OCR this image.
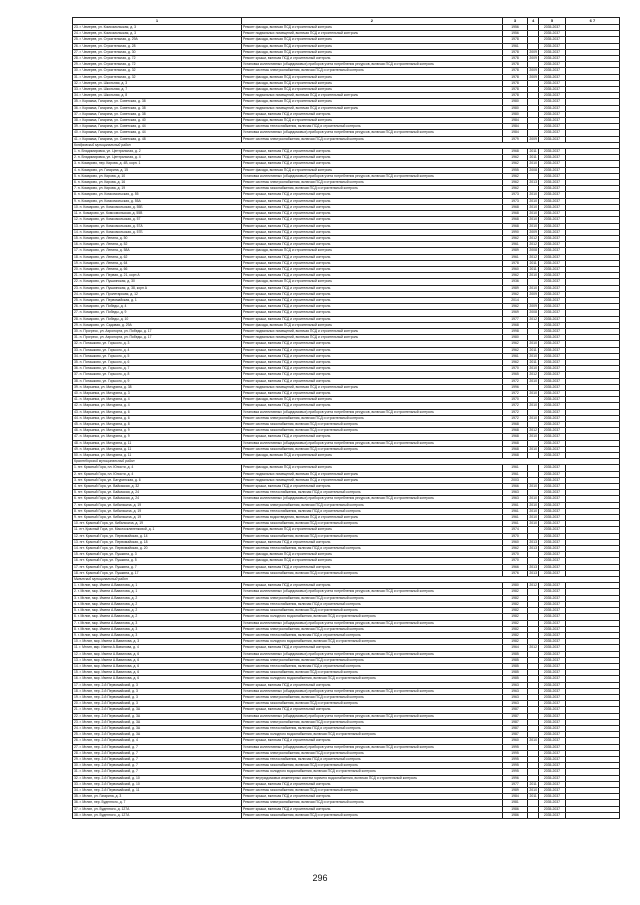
1	2	3	4	5	6 7
23. г. Чемерев, ул. Комсомольская, д. 3	Ремонт фасада, включая ПСД и строительный контроль	1956		2035-2037	
24. г. Чемерев, ул. Комсомольская, д. 3	Ремонт подвальных помещений, включая ПСД и строительный контроль	1956		2035-2037	
25. г. Чемерев, ул. Строительная, д. 29А	Ремонт фасада, включая ПСД и строительный контроль	1978		2035-2037	
26. г. Чемерев, ул. Строительная, д. 28	Ремонт фасада, включая ПСД и строительный контроль	1961		2035-2037	
27. г. Чемерев, ул. Строительная, д. 30	Ремонт фасада, включая ПСД и строительный контроль	1978	2009	2035-2037	
28. г. Чемерев, ул. Строительная, д. 72	Ремонт крыши, включая ПСД и строительный контроль	1978	2009	2035-2037	
29. г. Чемерев, ул. Строительная, д. 72	Установка коллективных (общедомовых) приборов учета потребления ресурсов, включая ПСД и строительный контроль	1978		2035-2037	
30. г. Чемерев, ул. Строительная, д. 32	Ремонт системы электроснабжения, включая ПСД и строительный контроль	1978	2009	2035-2037	
31. г. Чемерев, ул. Строительная, д. 32	Ремонт фасада, включая ПСД и строительный контроль	1978	2009	2035-2037	
32. г. Чемерев, ул. Школьная, д. 3	Ремонт фасада, включая ПСД и строительный контроль	1978		2035-2037	
33. г. Чемерев, ул. Школьная, д. 7	Ремонт фасада, включая ПСД и строительный контроль	1978		2035-2037	
34. г. Чемерев, ул. Школьная, д. 8	Ремонт подвальных помещений, включая ПСД и строительный контроль	1978		2035-2037	
35. г. Коряжма, Гагарина, ул. Советская, д. 38	Ремонт фасада, включая ПСД и строительный контроль	1980		2035-2037	
36. г. Коряжма, Гагарина, ул. Советская, д. 38	Ремонт подвальных помещений, включая ПСД и строительный контроль	1980		2035-2037	
37. г. Коряжма, Гагарина, ул. Советская, д. 38	Ремонт крыши, включая ПСД и строительный контроль	1980		2035-2037	
38. г. Коряжма, Гагарина, ул. Советская, д. 40	Ремонт фасада, включая ПСД и строительный контроль	1984		2035-2037	
39. г. Коряжма, Гагарина, ул. Советская, д. 44	Ремонт системы теплоснабжения, включая ПСД и строительный контроль	1984		2035-2037	
40. г. Коряжма, Гагарина, ул. Советская, д. 44	Установка коллективных (общедомовых) приборов учета потребления ресурсов, включая ПСД и строительный контроль	1984		2035-2037	
41. г. Коряжма, Гагарина, ул. Советская, д. 48	Ремонт системы электроснабжения, включая ПСД и строительный контроль	1979	2009	2035-2037	
Кондровский муниципальный район					
1. п. Владимировка, ул. Центральная, д. 2	Ремонт крыши, включая ПСД и строительный контроль	1968	2011	2035-2037	
2. п. Владимировка, ул. Центральная, д. 4	Ремонт крыши, включая ПСД и строительный контроль	1962	2011	2035-2037	
3. п. Комарово, пер. Кирова, д. 4В, корп. 1	Ремонт крыши, включая ПСД и строительный контроль	1962	2010	2035-2037	
4. п. Комарово, ул. Гагарина, д. 15	Ремонт фасада, включая ПСД и строительный контроль	1955	2008	2035-2037	
5. п. Комарово, ул. Кирова, д. 10	Установка коллективных (общедомовых) приборов учета потребления ресурсов, включая ПСД и строительный контроль	1962		2035-2037	
6. п. Комарово, ул. Кирова, д. 16	Ремонт системы электроснабжения, включая ПСД и строительный контроль	1962	2013	2035-2037	
7. п. Комарово, ул. Кирова, д. 19	Ремонт системы газоснабжения, включая ПСД и строительный контроль	1962		2035-2037	
8. п. Комарово, ул. Комсомольская, д. 55	Ремонт крыши, включая ПСД и строительный контроль	1973	2010	2035-2037	
9. п. Комарово, ул. Комсомольская, д. 55А	Ремонт крыши, включая ПСД и строительный контроль	1973	2010	2035-2037	
10. п. Комарово, ул. Комсомольская, д. 55Б	Ремонт крыши, включая ПСД и строительный контроль	1968	2010	2035-2037	
11. п. Комарово, ул. Комсомольская, д. 55В	Ремонт крыши, включая ПСД и строительный контроль	1968	2010	2035-2037	
12. п. Комарово, ул. Комсомольская, д. 57	Ремонт крыши, включая ПСД и строительный контроль	1968	2010	2035-2037	
13. п. Комарово, ул. Комсомольская, д. 57А	Ремонт крыши, включая ПСД и строительный контроль	1968	2010	2035-2037	
14. п. Комарово, ул. Комсомольская, д. 57Б	Ремонт крыши, включая ПСД и строительный контроль	1990	2009	2035-2037	
15. п. Комарово, ул. Ленина, д. 50	Ремонт крыши, включая ПСД и строительный контроль	1962	2012	2035-2037	
16. п. Комарово, ул. Ленина, д. 52	Ремонт крыши, включая ПСД и строительный контроль	1961	2012	2035-2037	
17. п. Комарово, ул. Ленина, д. 58А	Ремонт фасада, включая ПСД и строительный контроль	1989	2008	2035-2037	
18. п. Комарово, ул. Ленина, д. 62	Ремонт крыши, включая ПСД и строительный контроль	1961	2012	2035-2037	
19. п. Комарово, ул. Ленина, д. 64	Ремонт крыши, включая ПСД и строительный контроль	1978	2011	2035-2037	
20. п. Комарово, ул. Ленина, д. 66	Ремонт крыши, включая ПСД и строительный контроль	1960	2011	2035-2037	
21. п. Комарово, ул. Первая, д. 21, корп А	Ремонт крыши, включая ПСД и строительный контроль	1962	2010	2035-2037	
22. п. Комарово, ул. Пушкинская, д. 30	Ремонт фасада, включая ПСД и строительный контроль	1936		2035-2037	
23. п. Комарово, ул. Пушкинская, д. 38, корп А	Ремонт крыши, включая ПСД и строительный контроль	1989	2010	2035-2037	
24. п. Комарово, ул. Пролетарская, д. 12	Ремонт крыши, включая ПСД и строительный контроль	1962	2009	2035-2037	
25. п. Комарово, ул. Первомайская, д. 1	Ремонт крыши, включая ПСД и строительный контроль	2014		2035-2037	
26. п. Комарово, ул. Победы, д. 4	Ремонт крыши, включая ПСД и строительный контроль	1962	2009	2035-2037	
27. п. Комарово, ул. Победы, д. 9	Ремонт крыши, включая ПСД и строительный контроль	1969	2008	2035-2037	
28. п. Комарово, ул. Победы, д. 10	Ремонт крыши, включая ПСД и строительный контроль	1977	2012	2035-2037	
29. п. Комарово, ул. Садовая, д. 29А	Ремонт фасада, включая ПСД и строительный контроль	1968		2035-2037	
30. п. Прогресс, ул. Аэропорта, ул. Победы, д. 17	Ремонт подвальных помещений, включая ПСД и строительный контроль	1998		2035-2037	
31. п. Прогресс, ул. Аэропорта, ул. Победы, д. 17	Ремонт подвальных помещений, включая ПСД и строительный контроль	1980		2035-2037	
32. п. Поташково, ул. Горького, д. 3	Ремонт крыши, включая ПСД и строительный контроль	1962	2010	2035-2037	
33. п. Поташково, ул. Горького, д. 4	Ремонт крыши, включая ПСД и строительный контроль	1962	2011	2035-2037	
34. п. Поташково, ул. Горького, д. 5	Ремонт крыши, включая ПСД и строительный контроль	1961	2010	2035-2037	
35. п. Поташково, ул. Горького, д. 6	Ремонт крыши, включая ПСД и строительный контроль	1962	2011	2035-2037	
36. п. Поташково, ул. Горького, д. 7	Ремонт крыши, включая ПСД и строительный контроль	1970	2010	2035-2037	
37. п. Поташково, ул. Горького, д. 8	Ремонт крыши, включая ПСД и строительный контроль	1965	2012	2035-2037	
38. п. Поташково, ул. Горького, д. 9	Ремонт крыши, включая ПСД и строительный контроль	1972	2010	2035-2037	
39. п. Марьинка, ул. Мичурина, д. 38	Ремонт подвальных помещений, включая ПСД и строительный контроль	1996		2035-2037	
40. п. Марьинка, ул. Мичурина, д. 3	Ремонт крыши, включая ПСД и строительный контроль	1972	2010	2035-2037	
41. п. Марьинка, ул. Мичурина, д. 4	Ремонт фасада, включая ПСД и строительный контроль	1970		2035-2037	
42. п. Марьинка, ул. Мичурина, д. 4	Ремонт крыши, включая ПСД и строительный контроль	1972	2010	2035-2037	
43. п. Марьинка, ул. Мичурина, д. 6	Установка коллективных (общедомовых) приборов учета потребления ресурсов, включая ПСД и строительный контроль	1972		2035-2037	
44. п. Марьинка, ул. Мичурина, д. 6	Ремонт системы электроснабжения, включая ПСД и строительный контроль	1972	2010	2035-2037	
45. п. Марьинка, ул. Мичурина, д. 8	Ремонт системы газоснабжения, включая ПСД и строительный контроль	1968		2035-2037	
46. п. Марьинка, ул. Мичурина, д. 9	Ремонт системы газоснабжения, включая ПСД и строительный контроль	1968	2012	2035-2037	
47. п. Марьинка, ул. Мичурина, д. 9	Ремонт крыши, включая ПСД и строительный контроль	1968	2010	2035-2037	
48. п. Марьинка, ул. Мичурина, д. 11	Установка коллективных (общедомовых) приборов учета потребления ресурсов, включая ПСД и строительный контроль	1968		2035-2037	
49. п. Марьинка, ул. Мичурина, д. 11	Ремонт системы газоснабжения, включая ПСД и строительный контроль	1968	2010	2035-2037	
50. п. Марьинка, ул. Мичурина, д. 11	Ремонт фасада, включая ПСД и строительный контроль	1968		2035-2037	
Красноборский муниципальный район					
1. пгт. Красный Гора, пл. Юности, д. 4	Ремонт фасада, включая ПСД и строительный контроль	1961		2035-2037	
2. пгт. Красный Гора, пл. Юности, д. 4	Ремонт подвальных помещений, включая ПСД и строительный контроль	1961		2035-2037	
3. пгт. Красный Гора, ул. Батуринская, д. 6	Ремонт подвальных помещений, включая ПСД и строительный контроль	2003		2035-2037	
4. пгт. Красный Гора, ул. Вайкаская, д. 32	Ремонт крыши, включая ПСД и строительный контроль	1966	2010	2035-2037	
5. пгт. Красный Гора, ул. Байкаская, д. 24	Ремонт системы теплоснабжения, включая ПСД и строительный контроль	1963		2035-2037	
6. пгт. Красный Гора, ул. Байкаская, д. 24	Установка коллективных (общедомовых) приборов учета потребления ресурсов, включая ПСД и строительный контроль	1963	2010	2035-2037	
7. пгт. Красный Гора, ул. Кибальчича, д. 19	Ремонт системы электроснабжения, включая ПСД и строительный контроль	1961	2010	2035-2037	
8. пгт. Красный Гора, ул. Кибальчича, д. 19	Ремонт системы теплоснабжения, включая ПСД и строительный контроль	1961	2010	2035-2037	
9. пгт. Красный Гора, ул. Кибальчича, д. 19	Ремонт системы водоотведения, включая ПСД и строительный контроль	1961	2010	2035-2037	
10. пгт. Красный Гора, ул. Кибальчича, д. 19	Ремонт системы газоснабжения, включая ПСД и строительный контроль	1961	2010	2035-2037	
11. пгт. Красный Гора, ул. Маслосклипенковой, д. 1	Ремонт фасада, включая ПСД и строительный контроль	1974		2035-2037	
12. пгт. Красный Гора, ул. Первомайская, д. 14	Ремонт системы газоснабжения, включая ПСД и строительный контроль	1970		2035-2037	
13. пгт. Красный Гора, ул. Первомайская, д. 18	Ремонт крыши, включая ПСД и строительный контроль	1960	2013	2035-2037	
14. пгт. Красный Гора, ул. Первомайская, д. 20	Ремонт системы теплоснабжения, включая ПСД и строительный контроль	1962	2013	2035-2037	
15. пгт. Красный Гора, ул. Пушкина, д. 3	Ремонт фасада, включая ПСД и строительный контроль	1970		2035-2037	
16. пгт. Красный Гора, ул. Пушкина, д. 5	Ремонт фасада, включая ПСД и строительный контроль	1970		2035-2037	
17. пгт. Красный Гора, ул. Пушкина, д. 7	Ремонт крыши, включая ПСД и строительный контроль	1966	2013	2035-2037	
18. пгт. Красный Гора, ул. Пушкина, д. 17	Ремонт системы газоснабжения, включая ПСД и строительный контроль	1976	2013	2035-2037	
Мглинский муниципальный район					
1. г. Мглин, мкр. Имени А.Вавилова, д. 1	Ремонт крыши, включая ПСД и строительный контроль	1980	2012	2035-2037	
2. г. Мглин, мкр. Имени А.Вавилова, д. 1	Установка коллективных (общедомовых) приборов учета потребления ресурсов, включая ПСД и строительный контроль	1982		2035-2037	
3. г. Мглин, мкр. Имени А.Вавилова, д. 2	Ремонт системы электроснабжения, включая ПСД и строительный контроль	1982		2035-2037	
4. г. Мглин, мкр. Имени А.Вавилова, д. 2	Ремонт системы теплоснабжения, включая ПСД и строительный контроль	1982		2035-2037	
5. г. Мглин, мкр. Имени А.Вавилова, д. 2	Ремонт системы газоснабжения, включая ПСД и строительный контроль	1982		2035-2037	
6. г. Мглин, мкр. Имени А.Вавилова, д. 2	Ремонт системы холодного водоснабжения, включая ПСД и строительный контроль	1982		2035-2037	
7. г. Мглин, мкр. Имени А.Вавилова, д. 3	Установка коллективных (общедомовых) приборов учета потребления ресурсов, включая ПСД и строительный контроль	1982		2035-2037	
8. г. Мглин, мкр. Имени А.Вавилова, д. 3	Ремонт системы электроснабжения, включая ПСД и строительный контроль	1982		2035-2037	
9. г. Мглин, мкр. Имени А.Вавилова, д. 3	Ремонт системы теплоснабжения, включая ПСД и строительный контроль	1982		2035-2037	
10. г. Мглин, мкр. Имени А.Вавилова, д. 3	Ремонт системы холодного водоснабжения, включая ПСД и строительный контроль	1982		2035-2037	
11. г. Мглин, мкр. Имени А.Вавилова, д. 4	Ремонт крыши, включая ПСД и строительный контроль	1964	2012	2035-2037	
12. г. Мглин, мкр. Имени А.Вавилова, д. 6	Установка коллективных (общедомовых) приборов учета потребления ресурсов, включая ПСД и строительный контроль	1985		2035-2037	
13. г. Мглин, мкр. Имени А.Вавилова, д. 6	Ремонт системы электроснабжения, включая ПСД и строительный контроль	1985		2035-2037	
14. г. Мглин, мкр. Имени А.Вавилова, д. 6	Ремонт системы теплоснабжения, включая ПСД и строительный контроль	1985		2035-2037	
15. г. Мглин, мкр. Имени А.Вавилова, д. 6	Ремонт системы газоснабжения, включая ПСД и строительный контроль	1985		2035-2037	
16. г. Мглин, мкр. Имени А.Вавилова, д. 6	Ремонт системы холодного водоснабжения, включая ПСД и строительный контроль	1985		2035-2037	
17. г. Мглин, пер. 2-й Первомайский, д. 3	Ремонт крыши, включая ПСД и строительный контроль	1963		2035-2037	
18. г. Мглин, пер. 2-й Первомайский, д. 3	Установка коллективных (общедомовых) приборов учета потребления ресурсов, включая ПСД и строительный контроль	1963		2035-2037	
19. г. Мглин, пер. 2-й Первомайский, д. 3	Ремонт системы электроснабжения, включая ПСД и строительный контроль	1963		2035-2037	
20. г. Мглин, пер. 2-й Первомайский, д. 3	Ремонт системы газоснабжения, включая ПСД и строительный контроль	1963		2035-2037	
21. г. Мглин, пер. 2-й Первомайский, д. 3А	Ремонт крыши, включая ПСД и строительный контроль	1987		2035-2037	
22. г. Мглин, пер. 2-й Первомайский, д. 3А	Установка коллективных (общедомовых) приборов учета потребления ресурсов, включая ПСД и строительный контроль	1987		2035-2037	
23. г. Мглин, пер. 2-й Первомайский, д. 3А	Ремонт системы электроснабжения, включая ПСД и строительный контроль	1987		2035-2037	
24. г. Мглин, пер. 2-й Первомайский, д. 3А	Ремонт системы теплоснабжения, включая ПСД и строительный контроль	1987		2035-2037	
25. г. Мглин, пер. 2-й Первомайский, д. 3А	Ремонт системы холодного водоснабжения, включая ПСД и строительный контроль	1987		2035-2037	
26. г. Мглин, пер. 2-й Первомайский, д. 4	Ремонт крыши, включая ПСД и строительный контроль	1960	2010	2035-2037	
27. г. Мглин, пер. 2-й Первомайский, д. 7	Установка коллективных (общедомовых) приборов учета потребления ресурсов, включая ПСД и строительный контроль	1995		2035-2037	
28. г. Мглин, пер. 2-й Первомайский, д. 7	Ремонт системы электроснабжения, включая ПСД и строительный контроль	1995		2035-2037	
29. г. Мглин, пер. 2-й Первомайский, д. 7	Ремонт системы теплоснабжения, включая ПСД и строительный контроль	1995		2035-2037	
30. г. Мглин, пер. 2-й Первомайский, д. 7	Ремонт системы газоснабжения, включая ПСД и строительный контроль	1995		2035-2037	
31. г. Мглин, пер. 2-й Первомайский, д. 7	Ремонт системы холодного водоснабжения, включая ПСД и строительный контроль	1995		2035-2037	
32. г. Мглин, пер. 2-й Первомайский, д. 10	Ремонт внутридомовых инженерных систем горячего водоснабжения, включая ПСД и строительный контроль	1996		2035-2037	
33. г. Мглин, пер. 2-й Первомайский, д. 10	Ремонт крыши, включая ПСД и строительный контроль	1977	2011	2035-2037	
34. г. Мглин, пер. 2-й Первомайский, д. 11	Ремонт системы газоснабжения, включая ПСД и строительный контроль	1989	2010	2035-2037	
35. г. Мглин, ул. Гагарина, д. 3	Ремонт крыши, включая ПСД и строительный контроль	1984	2011	2035-2037	
36. г. Мглин, пер. Буденного, д. 7	Ремонт системы электроснабжения, включая ПСД и строительный контроль	1981		2035-2037	
37. г. Мглин, ул. Буденного, д. 127А	Ремонт крыши, включая ПСД и строительный контроль	1986		2035-2037	
38. г. Мглин, ул. Буденного, д. 127А	Ремонт системы газоснабжения, включая ПСД и строительный контроль	1986		2035-2037	
296
